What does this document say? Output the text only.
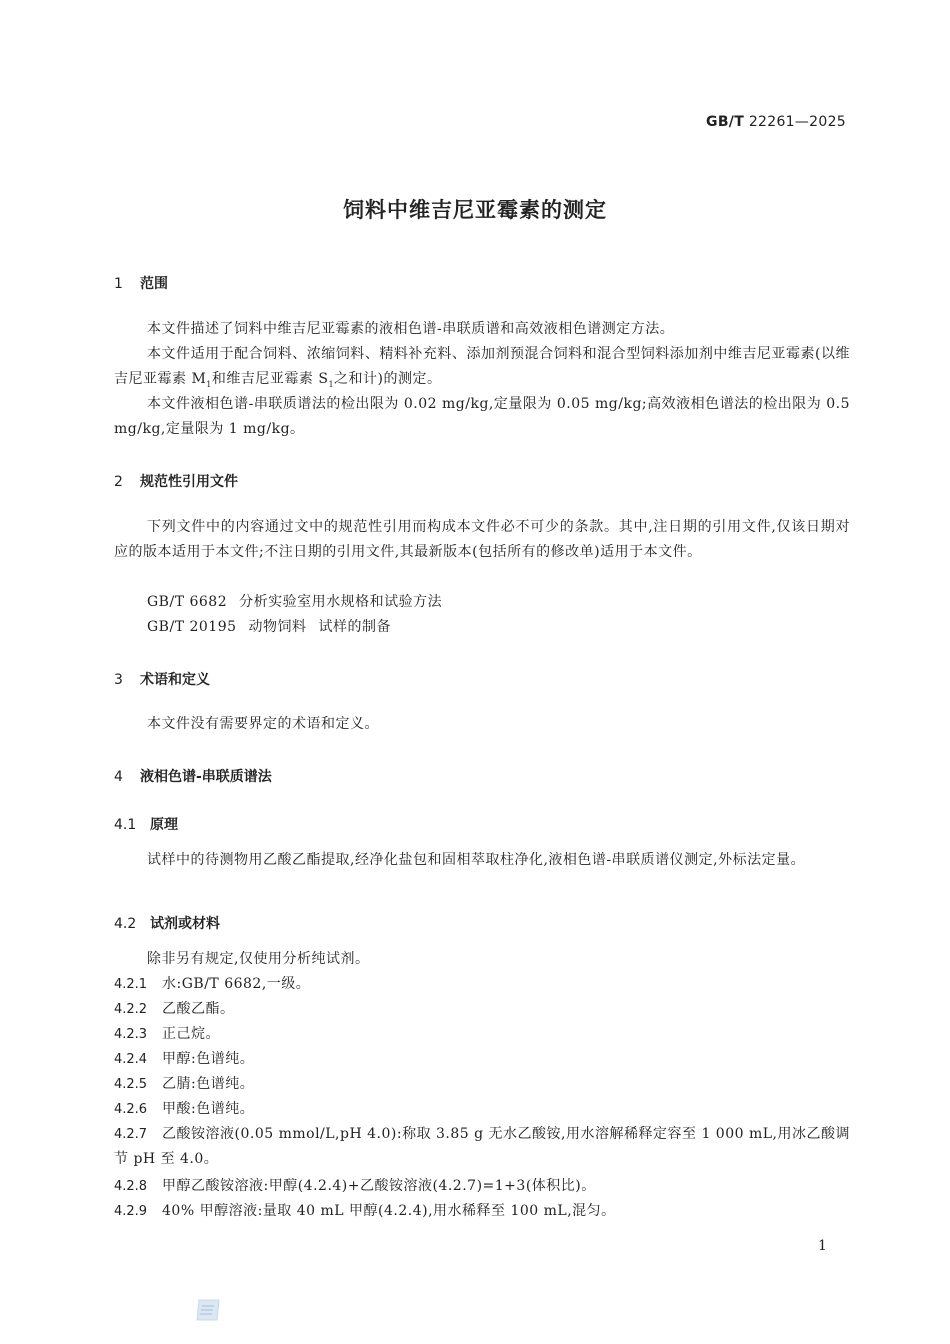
GB/T 22261—2025
饲料中维吉尼亚霉素的测定
1 范围
本文件描述了饲料中维吉尼亚霉素的液相色谱-串联质谱和高效液相色谱测定方法。
本文件适用于配合饲料、浓缩饲料、精料补充料、添加剂预混合饲料和混合型饲料添加剂中维吉尼亚霉素(以维吉尼亚霉素 $M_1$和维吉尼亚霉素 $S_1$之和计)的测定。
本文件液相色谱-串联质谱法的检出限为 0.02 mg/kg,定量限为 0.05 mg/kg;高效液相色谱法的检出限为 0.5 mg/kg,定量限为 1 mg/kg。
2 规范性引用文件
下列文件中的内容通过文中的规范性引用而构成本文件必不可少的条款。其中,注日期的引用文件,仅该日期对应的版本适用于本文件;不注日期的引用文件,其最新版本(包括所有的修改单)适用于本文件。
GB/T 6682 分析实验室用水规格和试验方法
GB/T 20195 动物饲料 试样的制备
3 术语和定义
本文件没有需要界定的术语和定义。
4 液相色谱-串联质谱法
4.1 原理
试样中的待测物用乙酸乙酯提取,经净化盐包和固相萃取柱净化,液相色谱-串联质谱仪测定,外标法定量。
4.2 试剂或材料
除非另有规定,仅使用分析纯试剂。
4.2.1 水:GB/T 6682,一级。
4.2.2 乙酸乙酯。
4.2.3 正己烷。
4.2.4 甲醇:色谱纯。
4.2.5 乙腈:色谱纯。
4.2.6 甲酸:色谱纯。
4.2.7 乙酸铵溶液(0.05 mmol/L,pH 4.0):称取 3.85 g 无水乙酸铵,用水溶解稀释定容至 1 000 mL,用冰乙酸调节 pH 至 4.0。
4.2.8 甲醇乙酸铵溶液:甲醇(4.2.4)+乙酸铵溶液(4.2.7)=1+3(体积比)。
4.2.9 40% 甲醇溶液:量取 40 mL 甲醇(4.2.4),用水稀释至 100 mL,混匀。
1
